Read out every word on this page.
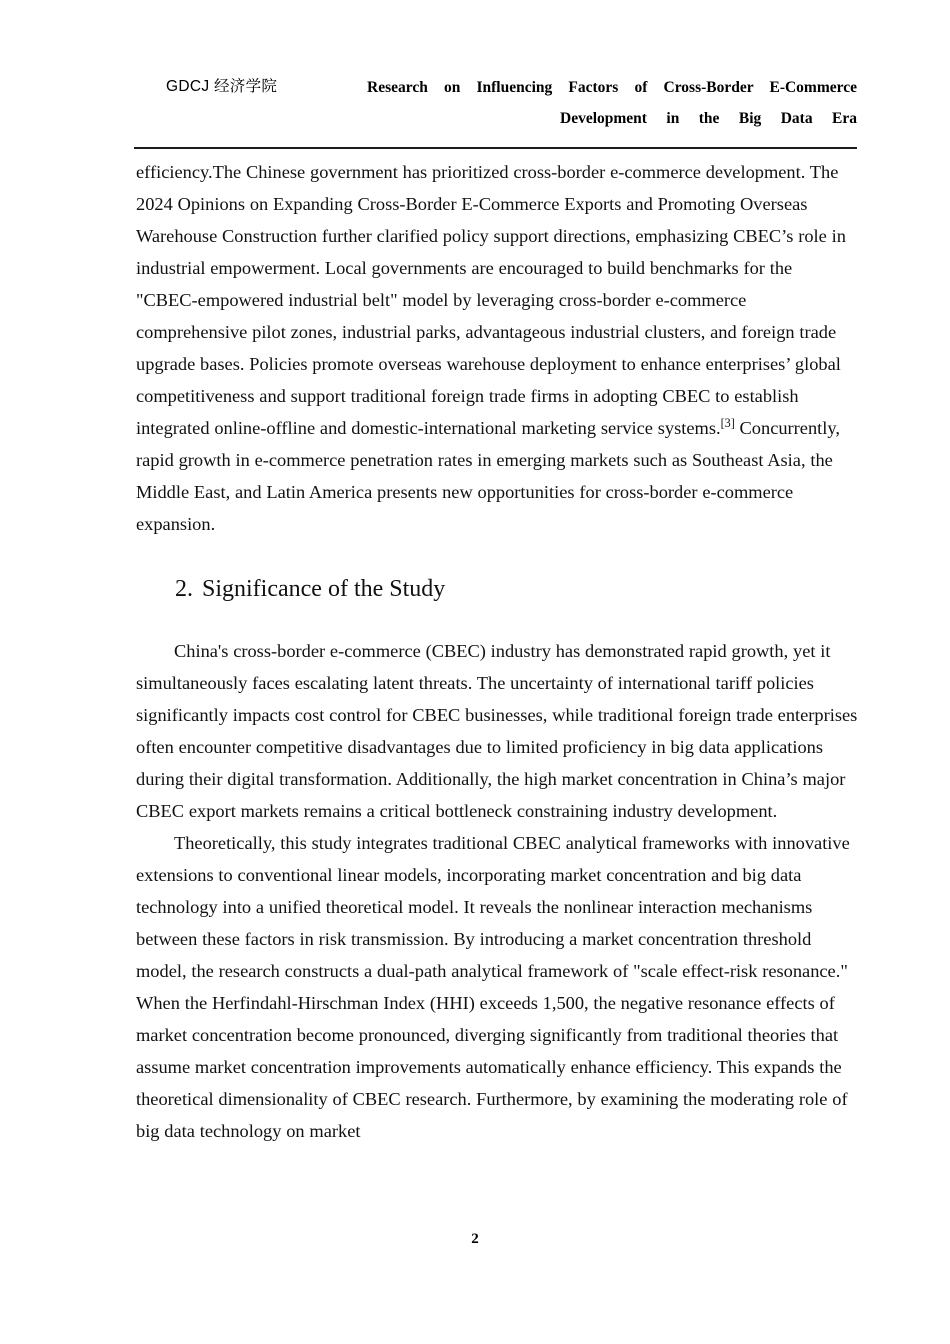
GDCJ 经济学院	Research on Influencing Factors of Cross-Border E-Commerce
Development in the Big Data Era

efficiency.The Chinese government has prioritized cross-border e-commerce development. The 2024 Opinions on Expanding Cross-Border E-Commerce Exports and Promoting Overseas Warehouse Construction further clarified policy support directions, emphasizing CBEC’s role in industrial empowerment. Local governments are encouraged to build benchmarks for the "CBEC-empowered industrial belt" model by leveraging cross-border e-commerce comprehensive pilot zones, industrial parks, advantageous industrial clusters, and foreign trade upgrade bases. Policies promote overseas warehouse deployment to enhance enterprises’ global competitiveness and support traditional foreign trade firms in adopting CBEC to establish integrated online-offline and domestic-international marketing service systems.[3] Concurrently, rapid growth in e-commerce penetration rates in emerging markets such as Southeast Asia, the Middle East, and Latin America presents new opportunities for cross-border e-commerce expansion.

2. Significance of the Study

China's cross-border e-commerce (CBEC) industry has demonstrated rapid growth, yet it simultaneously faces escalating latent threats. The uncertainty of international tariff policies significantly impacts cost control for CBEC businesses, while traditional foreign trade enterprises often encounter competitive disadvantages due to limited proficiency in big data applications during their digital transformation. Additionally, the high market concentration in China’s major CBEC export markets remains a critical bottleneck constraining industry development.

Theoretically, this study integrates traditional CBEC analytical frameworks with innovative extensions to conventional linear models, incorporating market concentration and big data technology into a unified theoretical model. It reveals the nonlinear interaction mechanisms between these factors in risk transmission. By introducing a market concentration threshold model, the research constructs a dual-path analytical framework of "scale effect-risk resonance." When the Herfindahl-Hirschman Index (HHI) exceeds 1,500, the negative resonance effects of market concentration become pronounced, diverging significantly from traditional theories that assume market concentration improvements automatically enhance efficiency. This expands the theoretical dimensionality of CBEC research. Furthermore, by examining the moderating role of big data technology on market

2
